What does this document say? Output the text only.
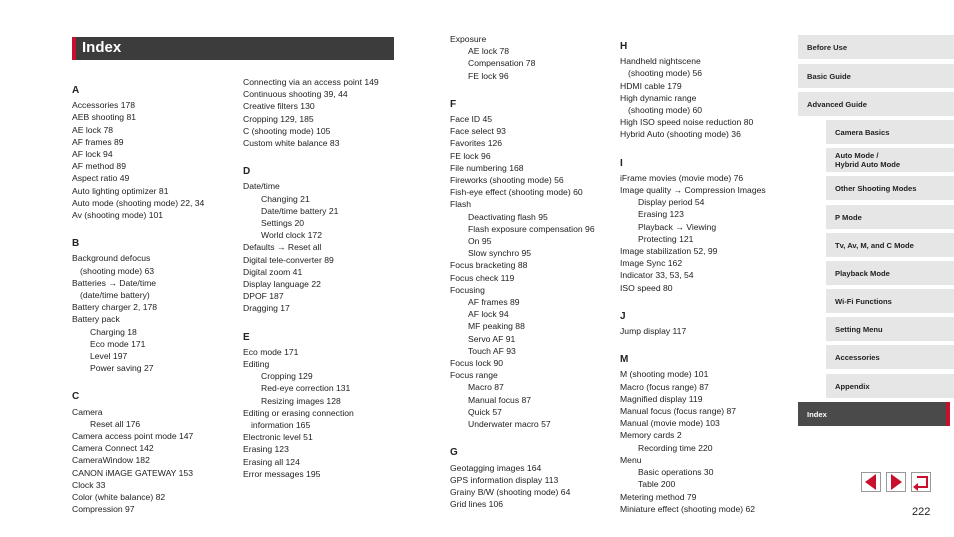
Index
A
Accessories 178
AEB shooting 81
AE lock 78
AF frames 89
AF lock 94
AF method 89
Aspect ratio 49
Auto lighting optimizer 81
Auto mode (shooting mode) 22, 34
Av (shooting mode) 101
B
Background defocus
(shooting mode) 63
Batteries → Date/time
(date/time battery)
Battery charger 2, 178
Battery pack
Charging 18
Eco mode 171
Level 197
Power saving 27
C
Camera
Reset all 176
Camera access point mode 147
Camera Connect 142
CameraWindow 182
CANON iMAGE GATEWAY 153
Clock 33
Color (white balance) 82
Compression 97
Connecting via an access point 149
Continuous shooting 39, 44
Creative filters 130
Cropping 129, 185
C (shooting mode) 105
Custom white balance 83
D
Date/time
Changing 21
Date/time battery 21
Settings 20
World clock 172
Defaults → Reset all
Digital tele-converter 89
Digital zoom 41
Display language 22
DPOF 187
Dragging 17
E
Eco mode 171
Editing
Cropping 129
Red-eye correction 131
Resizing images 128
Editing or erasing connection
information 165
Electronic level 51
Erasing 123
Erasing all 124
Error messages 195
Exposure
AE lock 78
Compensation 78
FE lock 96
F
Face ID 45
Face select 93
Favorites 126
FE lock 96
File numbering 168
Fireworks (shooting mode) 56
Fish-eye effect (shooting mode) 60
Flash
Deactivating flash 95
Flash exposure compensation 96
On 95
Slow synchro 95
Focus bracketing 88
Focus check 119
Focusing
AF frames 89
AF lock 94
MF peaking 88
Servo AF 91
Touch AF 93
Focus lock 90
Focus range
Macro 87
Manual focus 87
Quick 57
Underwater macro 57
G
Geotagging images 164
GPS information display 113
Grainy B/W (shooting mode) 64
Grid lines 106
H
Handheld nightscene
(shooting mode) 56
HDMI cable 179
High dynamic range
(shooting mode) 60
High ISO speed noise reduction 80
Hybrid Auto (shooting mode) 36
I
iFrame movies (movie mode) 76
Image quality → Compression Images
Display period 54
Erasing 123
Playback → Viewing
Protecting 121
Image stabilization 52, 99
Image Sync 162
Indicator 33, 53, 54
ISO speed 80
J
Jump display 117
M
M (shooting mode) 101
Macro (focus range) 87
Magnified display 119
Manual focus (focus range) 87
Manual (movie mode) 103
Memory cards 2
Recording time 220
Menu
Basic operations 30
Table 200
Metering method 79
Miniature effect (shooting mode) 62
Before Use
Basic Guide
Advanced Guide
Camera Basics
Auto Mode /
Hybrid Auto Mode
Other Shooting Modes
P Mode
Tv, Av, M, and C Mode
Playback Mode
Wi-Fi Functions
Setting Menu
Accessories
Appendix
Index
222
